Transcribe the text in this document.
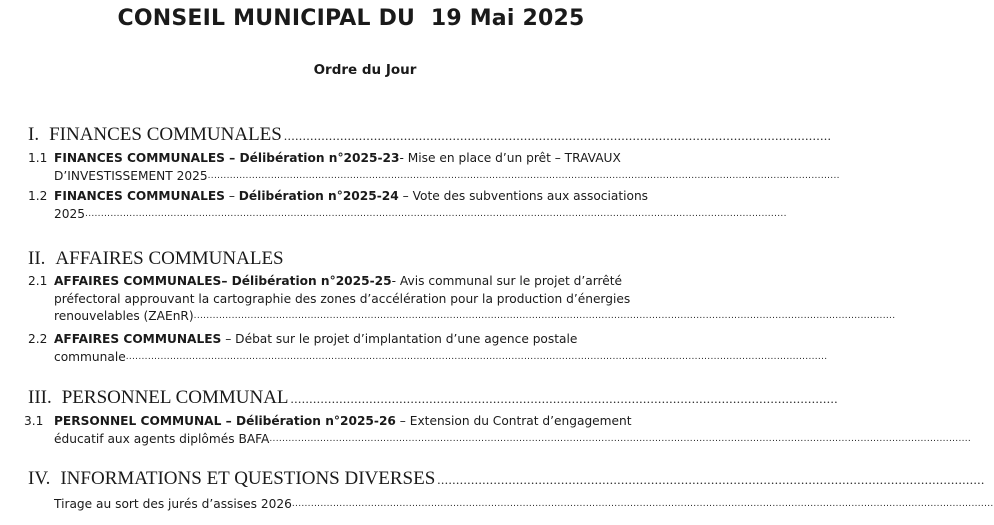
CONSEIL MUNICIPAL DU  19 Mai 2025
Ordre du Jour
I. FINANCES COMMUNALES ..................................................................................................................................................
1.1 FINANCES COMMUNALES – Délibération n°2025-23- Mise en place d’un prêt – TRAVAUX
D’INVESTISSEMENT 2025 ........................................................................................................................................................................................................
1.2 FINANCES COMMUNALES – Délibération n°2025-24 – Vote des subventions aux associations
2025 ..............................................................................................................................................................................................................................
II. AFFAIRES COMMUNALES
2.1 AFFAIRES COMMUNALES– Délibération n°2025-25- Avis communal sur le projet d’arrêté
préfectoral approuvant la cartographie des zones d’accélération pour la production d’énergies
renouvelables (ZAEnR) ..............................................................................................................................................................................................................................
2.2 AFFAIRES COMMUNALES – Débat sur le projet d’implantation d’une agence postale
communale ..............................................................................................................................................................................................................................
III. PERSONNEL COMMUNAL ..................................................................................................................................................
3.1 PERSONNEL COMMUNAL – Délibération n°2025-26 – Extension du Contrat d’engagement
éducatif aux agents diplômés BAFA ..............................................................................................................................................................................................................................
IV. INFORMATIONS ET QUESTIONS DIVERSES ..................................................................................................................................................
Tirage au sort des jurés d’assises 2026 ..............................................................................................................................................................................................................................
